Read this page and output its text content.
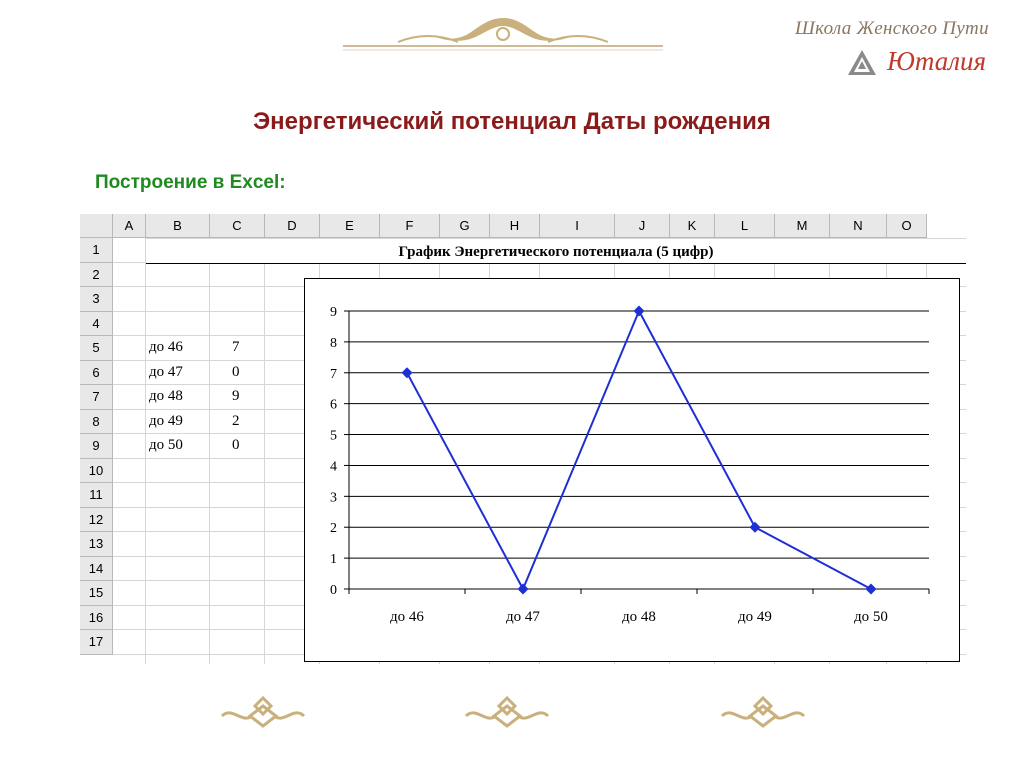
Школа Женского Пути
Юталия
Энергетический потенциал Даты рождения
Построение в Excel:
A	B	C	D	E	F	G	H	I	J	K	L	M	N	O
1
2
3
4
5
6
7
8
9
10
11
12
13
14
15
16
17
до 46	7
до 47	0
до 48	9
до 49	2
до 50	0
График Энергетического потенциала (5 цифр)
0
1
2
3
4
5
6
7
8
9
до 46	до 47	до 48	до 49	до 50
